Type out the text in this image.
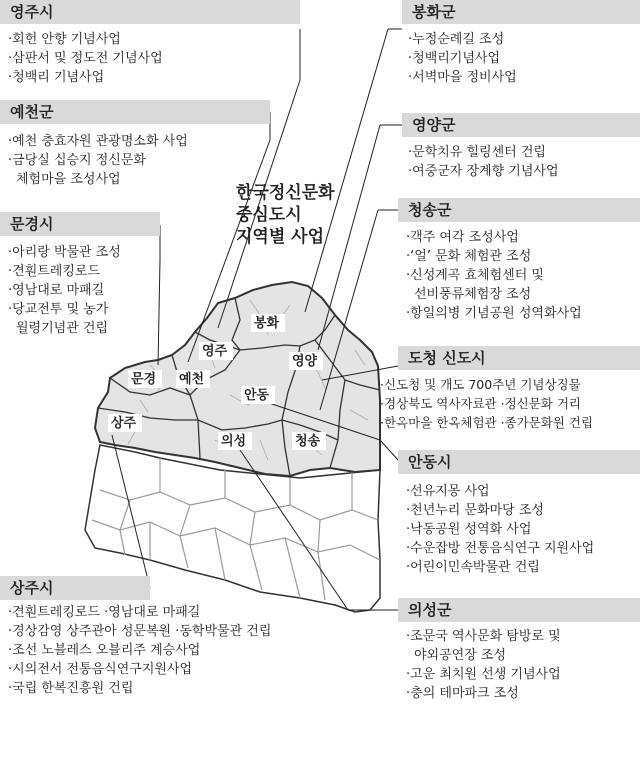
봉화
영주
영양
문경 예천
안동
상주
의성	청송
한국정신문화
중심도시
지역별 사업
영주시
·회헌 안향 기념사업
·삼판서 및 정도전 기념사업
·청백리 기념사업
예천군
·예천 충효자원 관광명소화 사업
·금당실 십승지 정신문화
체험마을 조성사업
문경시
·아리랑 박물관 조성
·견훤트레킹로드
·영남대로 마패길
·당교전투 및 농가
월령기념관 건립
상주시
·견훤트레킹로드 ·영남대로 마패길
·경상감영 상주관아 성문복원 ·동학박물관 건립
·조선 노블레스 오블리주 계승사업
·시의전서 전통음식연구지원사업
·국립 한복진흥원 건립
봉화군
·누정순례길 조성
·청백리기념사업
·서벽마을 정비사업
영양군
·문학치유 힐링센터 건립
·여중군자 장계향 기념사업
청송군
·객주 여각 조성사업
·‘얼’ 문화 체험관 조성
·신성계곡 효체험센터 및
선비풍류체험장 조성
·항일의병 기념공원 성역화사업
도청 신도시
·신도청 및 개도 700주년 기념상징물
·경상북도 역사자료관 ·정신문화 거리
·한옥마을 한옥체험관 ·종가문화원 건립
안동시
·선유지몽 사업
·천년누리 문화마당 조성
·낙동공원 성역화 사업
·수운잡방 전통음식연구 지원사업
·어린이민속박물관 건립
의성군
·조문국 역사문화 탐방로 및
야외공연장 조성
·고운 최치원 선생 기념사업
·충의 테마파크 조성
